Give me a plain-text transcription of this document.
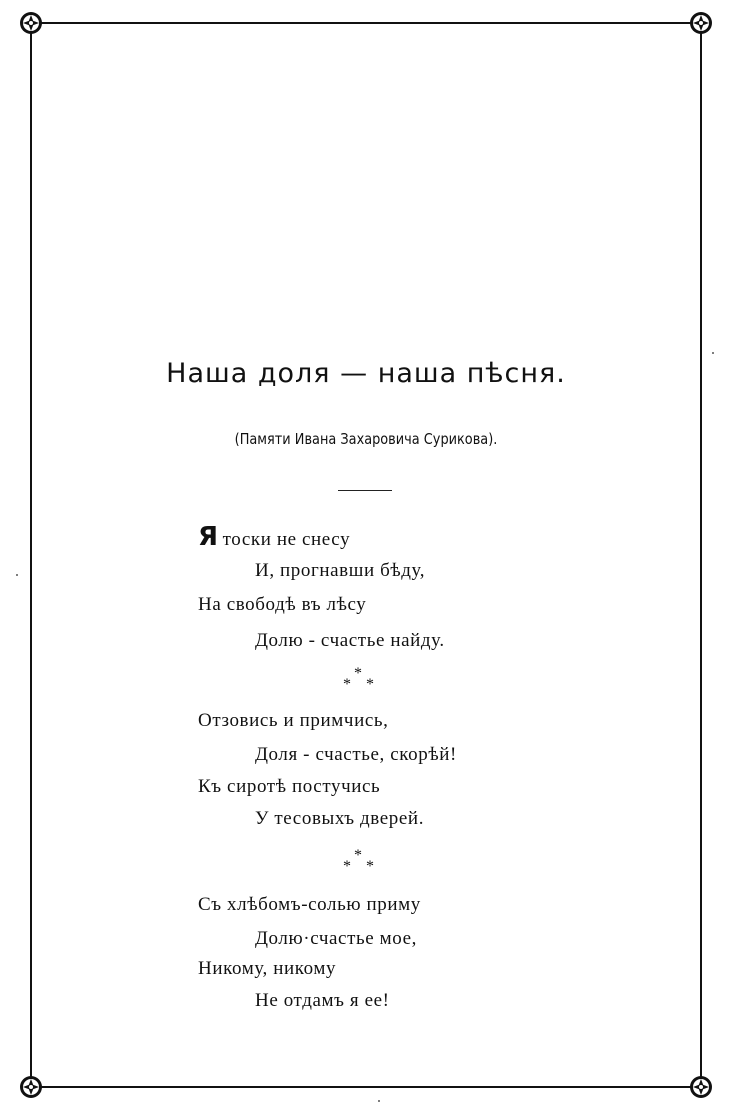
Наша доля — наша пѣсня.

(Памяти Ивана Захаровича Сурикова).

Я тоски не снесу
И, прогнавши бѣду,
На свободѣ въ лѣсу
Долю - счастье найду.
*
* *
Отзовись и примчись,
Доля - счастье, скорѣй!
Къ сиротѣ постучись
У тесовыхъ дверей.
*
* *
Съ хлѣбомъ-солью приму
Долю·счастье мое,
Никому, никому
Не отдамъ я ее!
